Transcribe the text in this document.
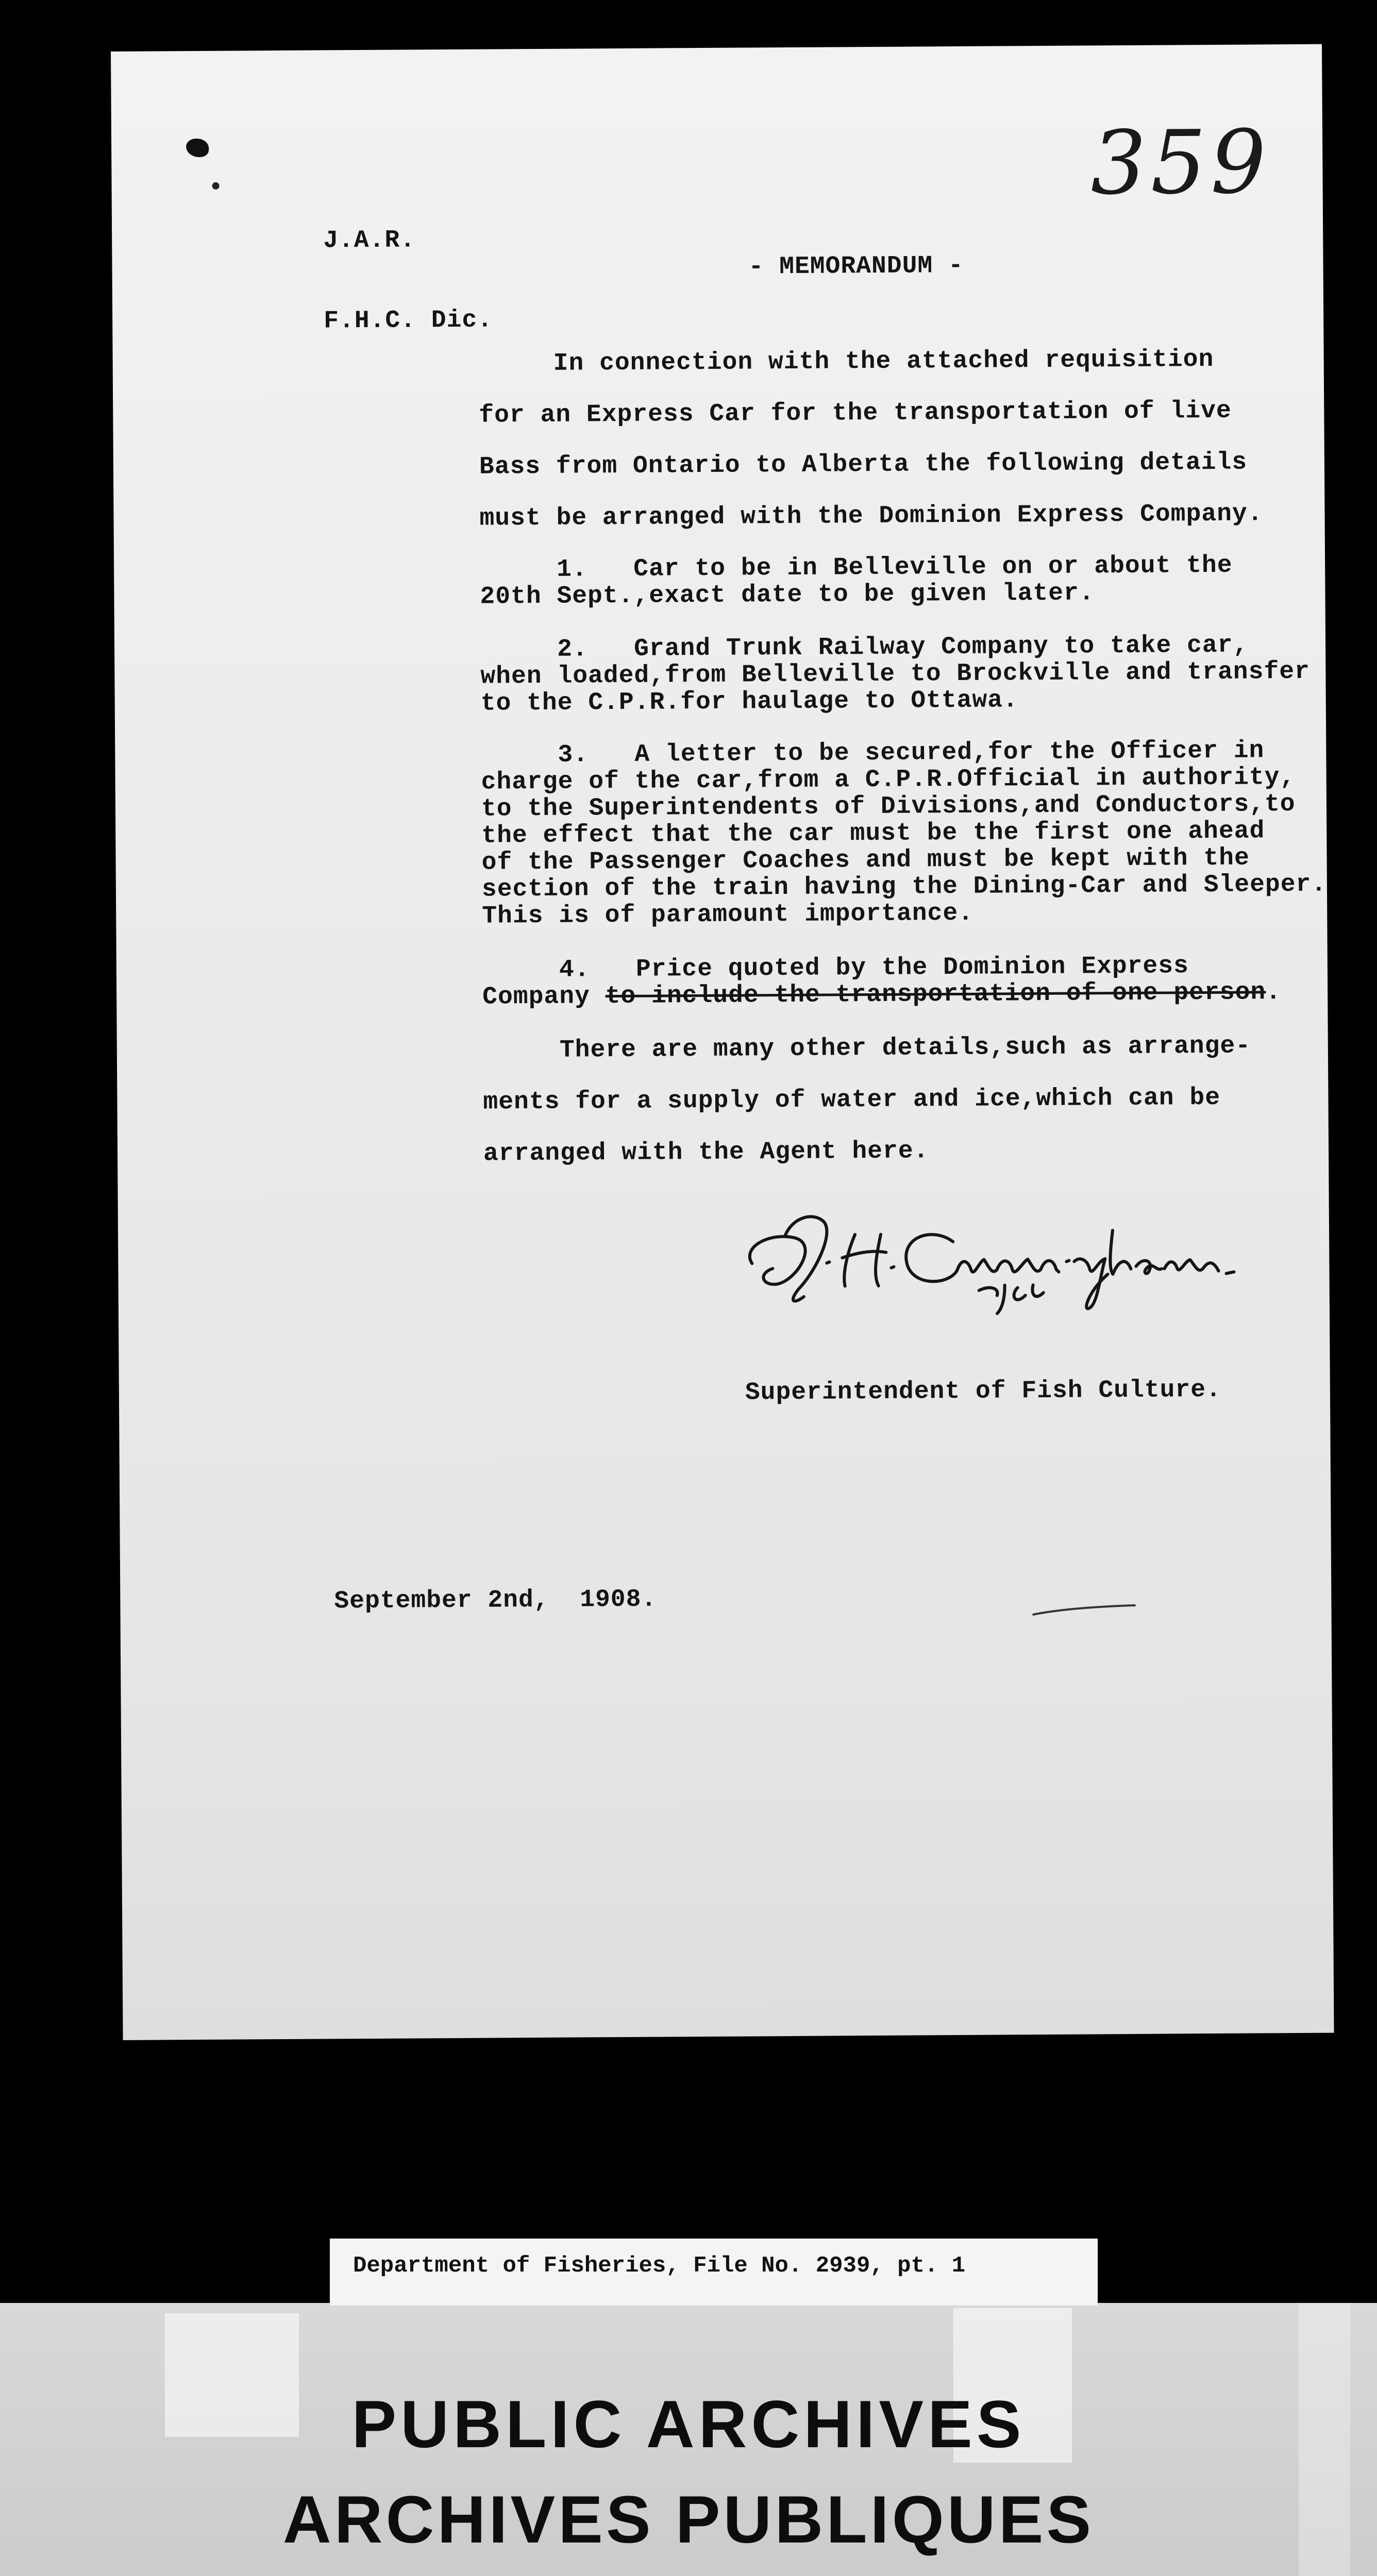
J.A.R.

F.H.C. Dic.

359
- MEMORANDUM -
In connection with the attached requisition
for an Express Car for the transportation of live
Bass from Ontario to Alberta the following details
must be arranged with the Dominion Express Company.
1.   Car to be in Belleville on or about the
20th Sept.,exact date to be given later.
2.   Grand Trunk Railway Company to take car,
when loaded,from Belleville to Brockville and transfer
to the C.P.R.for haulage to Ottawa.
3.   A letter to be secured,for the Officer in
charge of the car,from a C.P.R.Official in authority,
to the Superintendents of Divisions,and Conductors,to
the effect that the car must be the first one ahead
of the Passenger Coaches and must be kept with the
section of the train having the Dining-Car and Sleeper.
This is of paramount importance.
4.   Price quoted by the Dominion Express
Company to include the transportation of one person.
There are many other details,such as arrange-
ments for a supply of water and ice,which can be
arranged with the Agent here.
Superintendent of Fish Culture.
September 2nd,  1908.
PUBLIC ARCHIVES
ARCHIVES PUBLIQUES
Department of Fisheries, File No. 2939, pt. 1
